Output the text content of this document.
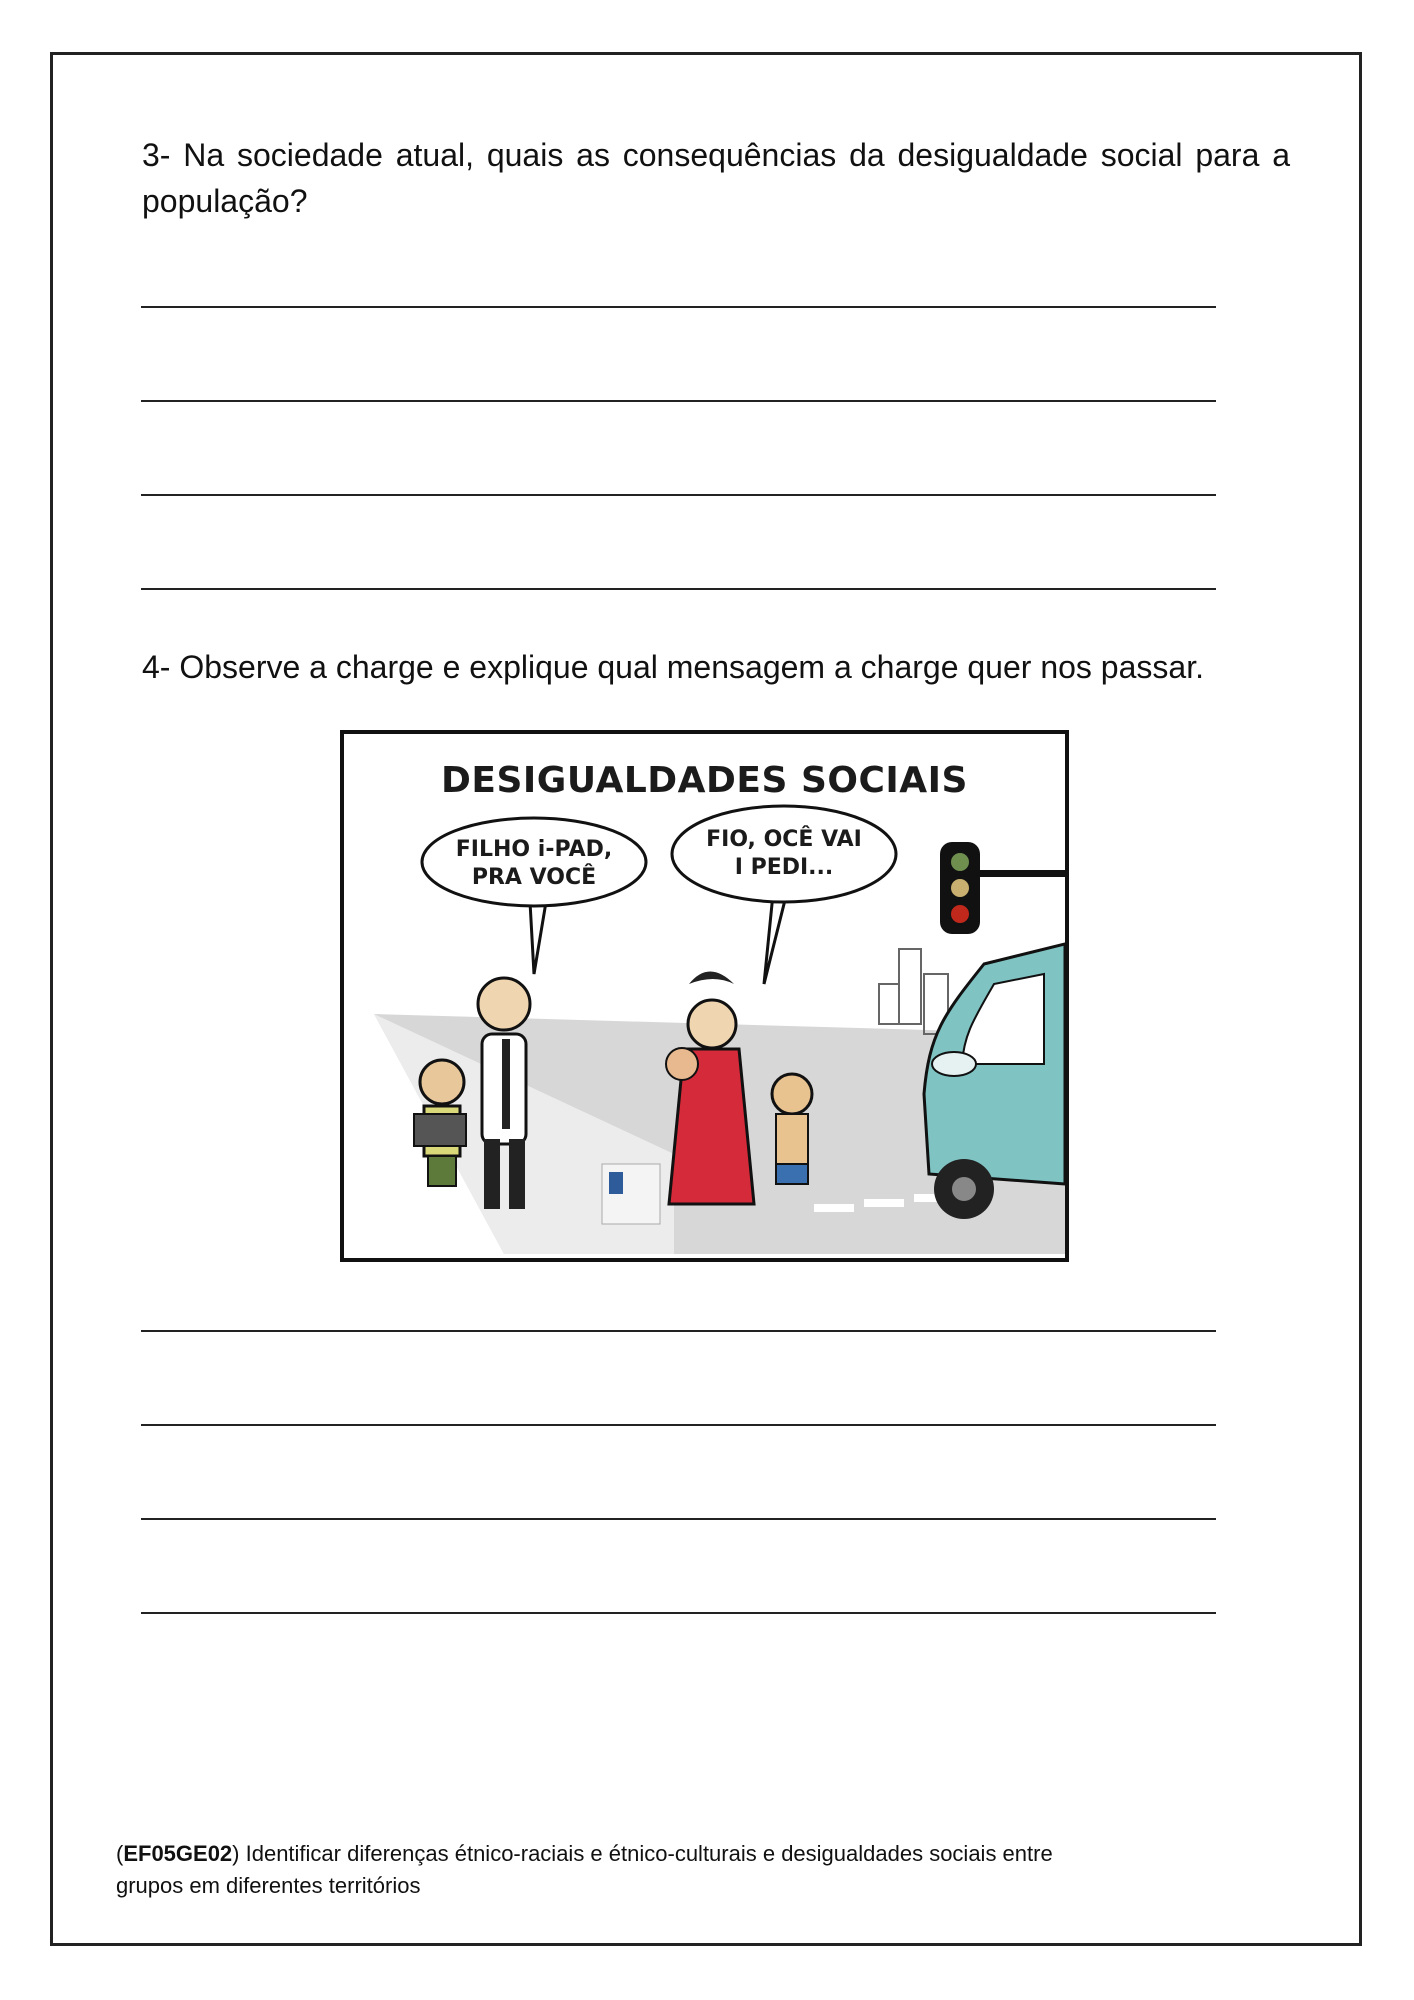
3- Na sociedade atual, quais as consequências da desigualdade social para a população?

4- Observe a charge e explique qual mensagem a charge quer nos passar.

DESIGUALDADES SOCIAIS
FILHO i-PAD,
PRA VOCÊ
FIO, OCÊ VAI
I PEDI...

(EF05GE02) Identificar diferenças étnico-raciais e étnico-culturais e desigualdades sociais entre grupos em diferentes territórios
